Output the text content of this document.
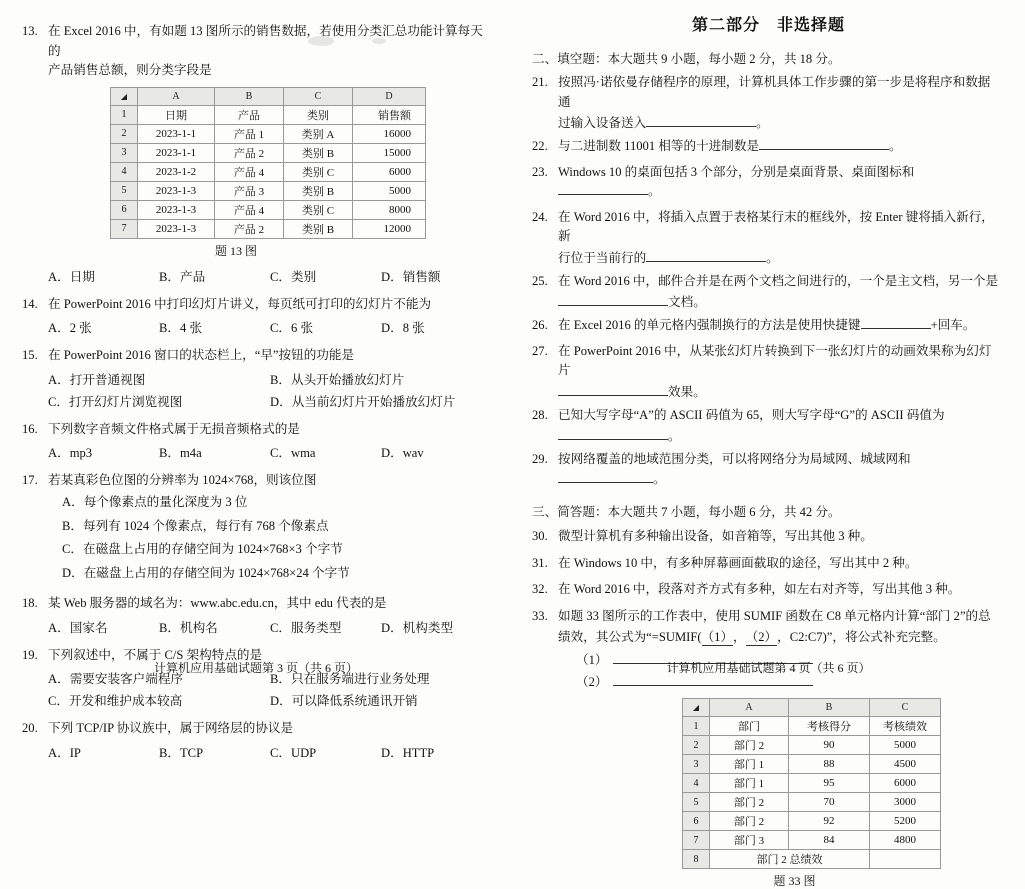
13. 在 Excel 2016 中，有如题 13 图所示的销售数据，若使用分类汇总功能计算每天的
产品销售总额，则分类字段是
◢	A	B	C	D
1	日期	产品	类别	销售额
2	2023-1-1	产品 1	类别 A	16000
3	2023-1-1	产品 2	类别 B	15000
4	2023-1-2	产品 4	类别 C	6000
5	2023-1-3	产品 3	类别 B	5000
6	2023-1-3	产品 4	类别 C	8000
7	2023-1-3	产品 2	类别 B	12000
题 13 图
A．日期	B．产品	C．类别	D．销售额
14. 在 PowerPoint 2016 中打印幻灯片讲义，每页纸可打印的幻灯片不能为
A．2 张	B．4 张	C．6 张	D．8 张
15. 在 PowerPoint 2016 窗口的状态栏上，“早”按钮的功能是
A．打开普通视图	B．从头开始播放幻灯片
C．打开幻灯片浏览视图	D．从当前幻灯片开始播放幻灯片
16. 下列数字音频文件格式属于无损音频格式的是
A．mp3	B．m4a	C．wma	D．wav
17. 若某真彩色位图的分辨率为 1024×768，则该位图
A．每个像素点的量化深度为 3 位
B．每列有 1024 个像素点，每行有 768 个像素点
C．在磁盘上占用的存储空间为 1024×768×3 个字节
D．在磁盘上占用的存储空间为 1024×768×24 个字节
18. 某 Web 服务器的域名为：www.abc.edu.cn，其中 edu 代表的是
A．国家名	B．机构名	C．服务类型	D．机构类型
19. 下列叙述中，不属于 C/S 架构特点的是
A．需要安装客户端程序	B．只在服务端进行业务处理
C．开发和维护成本较高	D．可以降低系统通讯开销
20. 下列 TCP/IP 协议族中，属于网络层的协议是
A．IP	B．TCP	C．UDP	D．HTTP
计算机应用基础试题第 3 页（共 6 页）
第二部分　非选择题
二、填空题：本大题共 9 小题，每小题 2 分，共 18 分。
21. 按照冯·诺依曼存储程序的原理，计算机具体工作步骤的第一步是将程序和数据通
过输入设备送入	。
22. 与二进制数 11001 相等的十进制数是	。
23. Windows 10 的桌面包括 3 个部分，分别是桌面背景、桌面图标和。
24. 在 Word 2016 中，将插入点置于表格某行末的框线外，按 Enter 键将插入新行，新
行位于当前行的	。
25. 在 Word 2016 中，邮件合并是在两个文档之间进行的，一个是主文档，另一个是
文档。
26. 在 Excel 2016 的单元格内强制换行的方法是使用快捷键	+回车。
27. 在 PowerPoint 2016 中，从某张幻灯片转换到下一张幻灯片的动画效果称为幻灯片
效果。
28. 已知大写字母“A”的 ASCII 码值为 65，则大写字母“G”的 ASCII 码值为
。
29. 按网络覆盖的地域范围分类，可以将网络分为局域网、城域网和。
三、简答题：本大题共 7 小题，每小题 6 分，共 42 分。
30. 微型计算机有多种输出设备，如音箱等，写出其他 3 种。
31. 在 Windows 10 中，有多种屏幕画面截取的途径，写出其中 2 种。
32. 在 Word 2016 中，段落对齐方式有多种，如左右对齐等，写出其他 3 种。
33. 如题 33 图所示的工作表中，使用 SUMIF 函数在 C8 单元格内计算“部门 2”的总
绩效，其公式为“=SUMIF(（1），（2），C2:C7)”，将公式补充完整。
（1）
（2）
◢	A	B	C
1	部门	考核得分	考核绩效
2	部门 2	90	5000
3	部门 1	88	4500
4	部门 1	95	6000
5	部门 2	70	3000
6	部门 2	92	5200
7	部门 3	84	4800
8	部门 2 总绩效		
题 33 图
计算机应用基础试题第 4 页（共 6 页）
